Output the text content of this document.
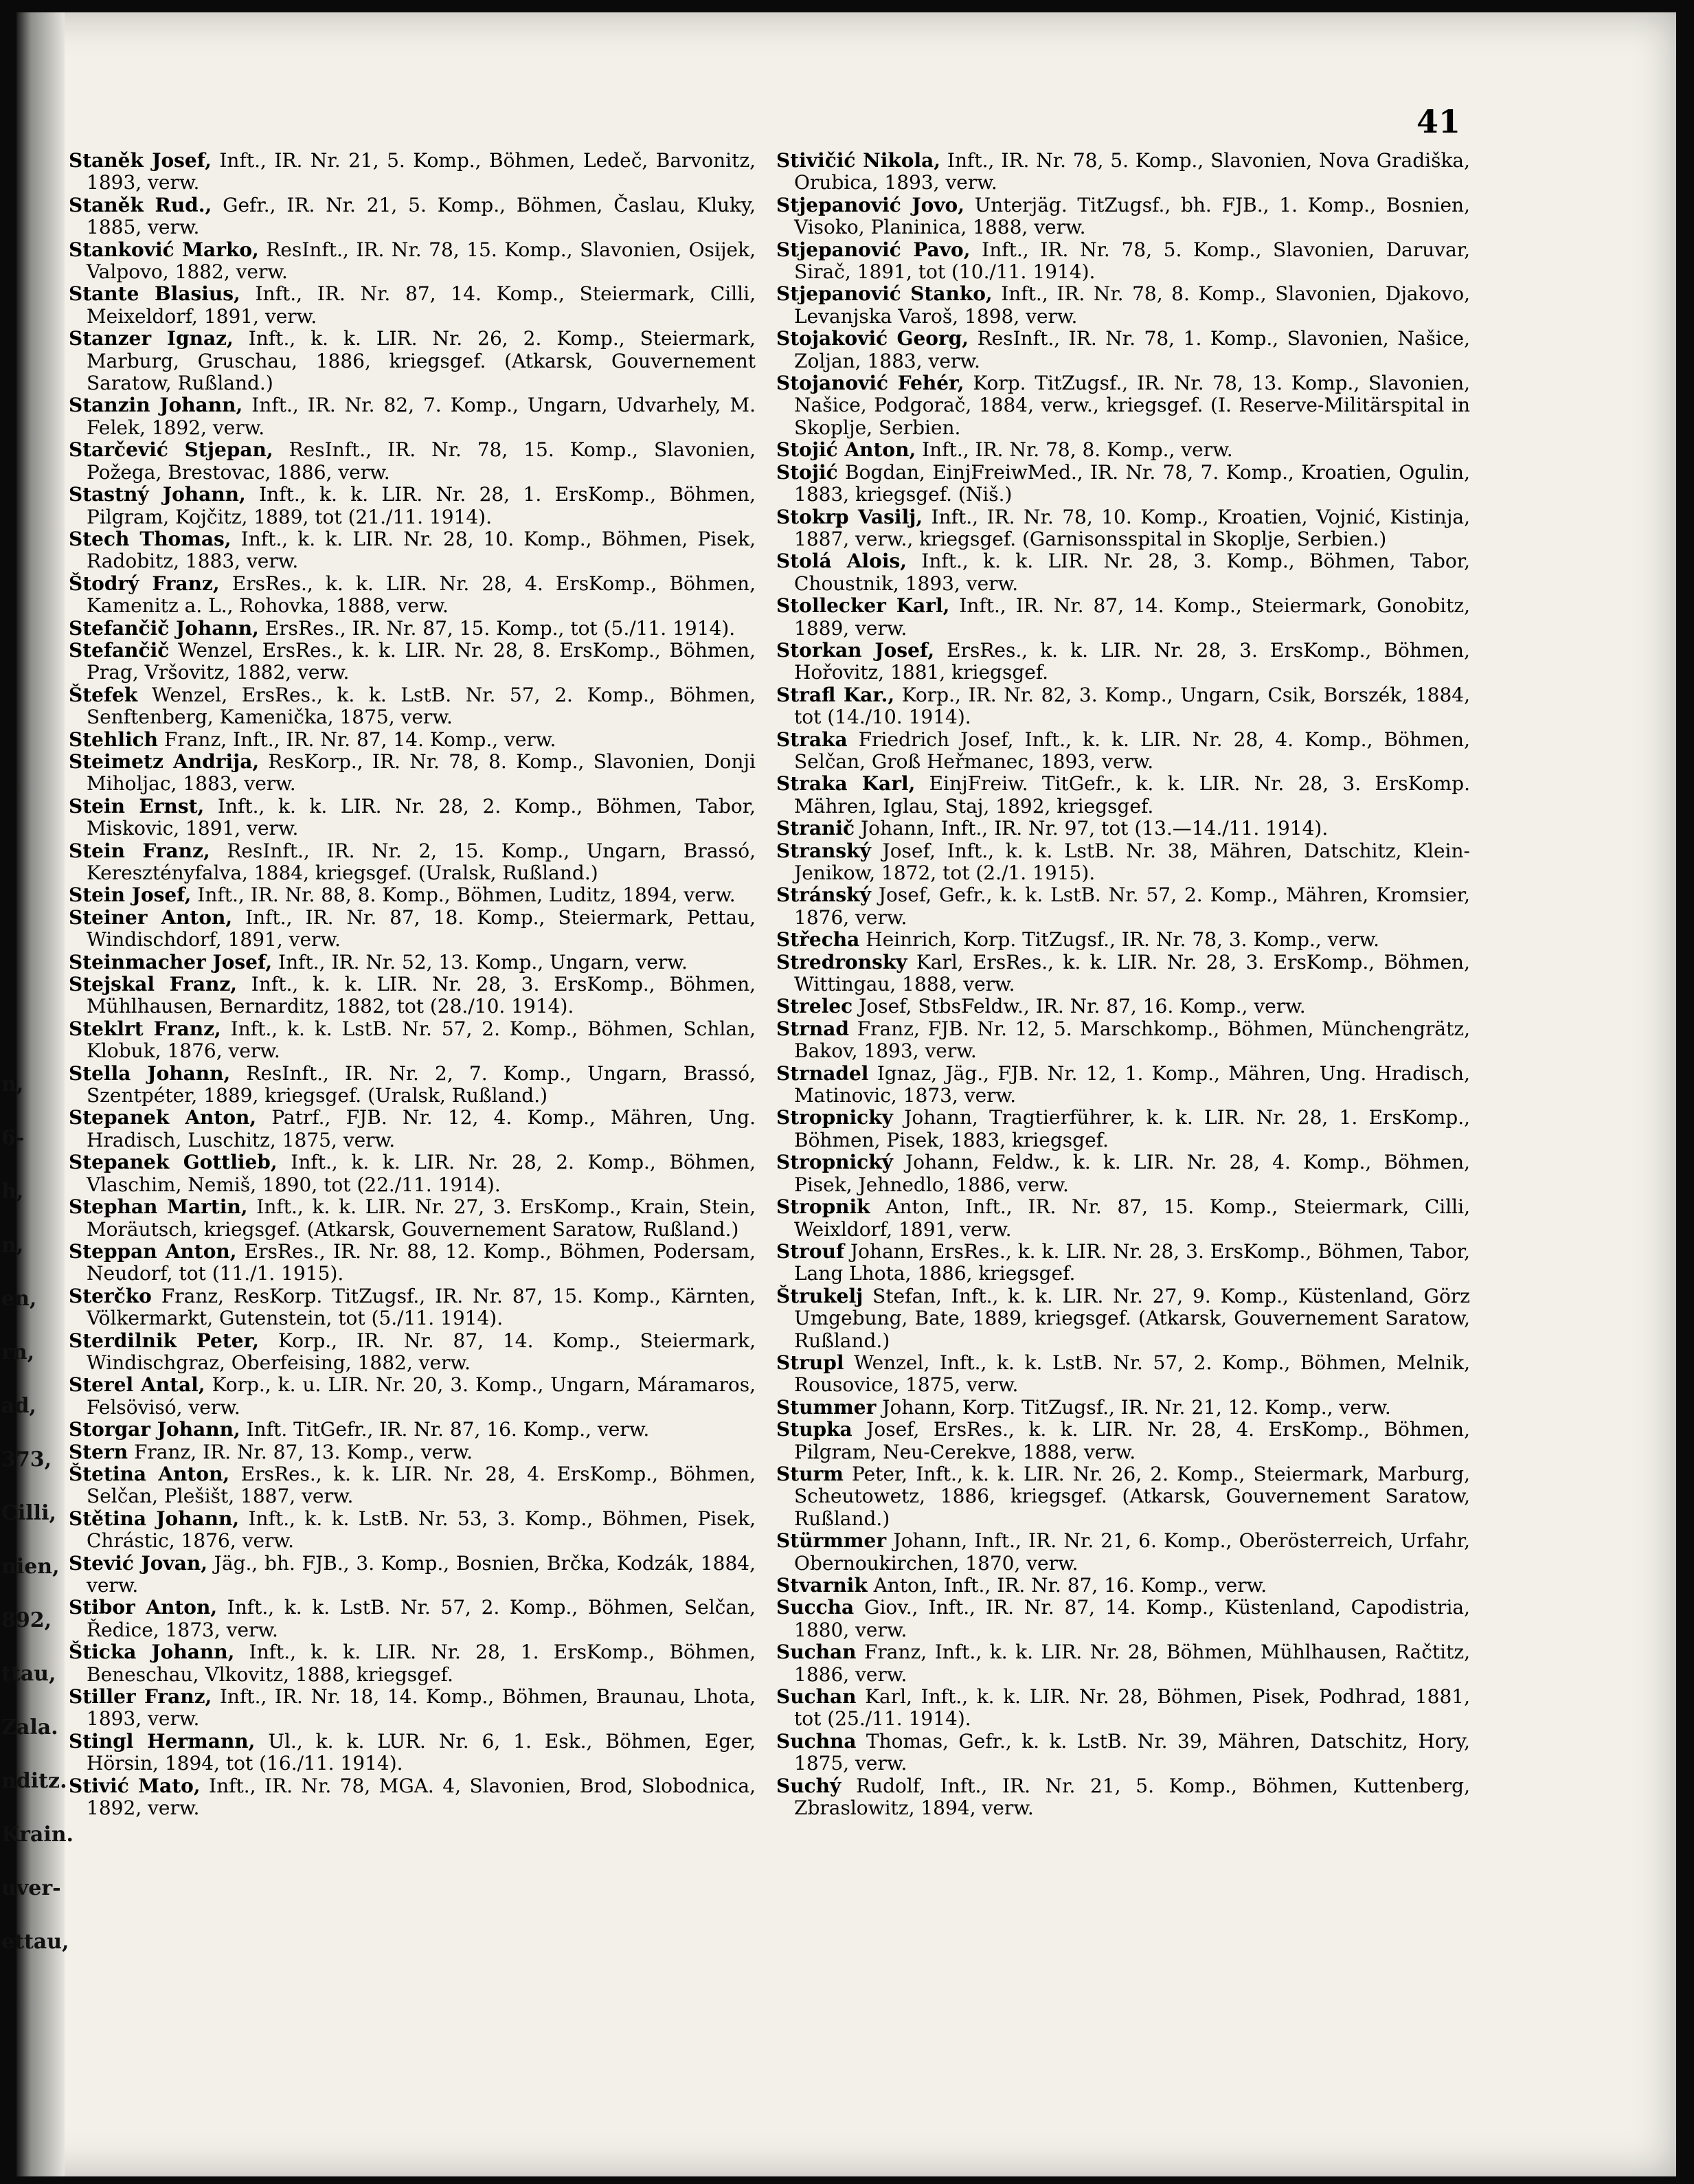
n,
6-
h,
n,
en,
rn,
ad,
373,
Cilli,
nien,
892,
ttau,
Zala.
nditz.
Krain.
uver-
ettau,
41

Staněk Josef, Inft., IR. Nr. 21, 5. Komp., Böhmen, Ledeč, Barvonitz, 1893, verw.

Staněk Rud., Gefr., IR. Nr. 21, 5. Komp., Böhmen, Časlau, Kluky, 1885, verw.

Stanković Marko, ResInft., IR. Nr. 78, 15. Komp., Slavonien, Osijek, Valpovo, 1882, verw.

Stante Blasius, Inft., IR. Nr. 87, 14. Komp., Steiermark, Cilli, Meixeldorf, 1891, verw.

Stanzer Ignaz, Inft., k. k. LIR. Nr. 26, 2. Komp., Steiermark, Marburg, Gruschau, 1886, kriegsgef. (Atkarsk, Gouvernement Saratow, Rußland.)

Stanzin Johann, Inft., IR. Nr. 82, 7. Komp., Ungarn, Udvarhely, M. Felek, 1892, verw.

Starčević Stjepan, ResInft., IR. Nr. 78, 15. Komp., Slavonien, Požega, Brestovac, 1886, verw.

Stastný Johann, Inft., k. k. LIR. Nr. 28, 1. ErsKomp., Böhmen, Pilgram, Kojčitz, 1889, tot (21./11. 1914).

Stech Thomas, Inft., k. k. LIR. Nr. 28, 10. Komp., Böhmen, Pisek, Radobitz, 1883, verw.

Štodrý Franz, ErsRes., k. k. LIR. Nr. 28, 4. ErsKomp., Böhmen, Kamenitz a. L., Rohovka, 1888, verw.

Stefančič Johann, ErsRes., IR. Nr. 87, 15. Komp., tot (5./11. 1914).

Stefančič Wenzel, ErsRes., k. k. LIR. Nr. 28, 8. ErsKomp., Böhmen, Prag, Vršovitz, 1882, verw.

Štefek Wenzel, ErsRes., k. k. LstB. Nr. 57, 2. Komp., Böhmen, Senftenberg, Kamenička, 1875, verw.

Stehlich Franz, Inft., IR. Nr. 87, 14. Komp., verw.

Steimetz Andrija, ResKorp., IR. Nr. 78, 8. Komp., Slavonien, Donji Miholjac, 1883, verw.

Stein Ernst, Inft., k. k. LIR. Nr. 28, 2. Komp., Böhmen, Tabor, Miskovic, 1891, verw.

Stein Franz, ResInft., IR. Nr. 2, 15. Komp., Ungarn, Brassó, Keresztényfalva, 1884, kriegsgef. (Uralsk, Rußland.)

Stein Josef, Inft., IR. Nr. 88, 8. Komp., Böhmen, Luditz, 1894, verw.

Steiner Anton, Inft., IR. Nr. 87, 18. Komp., Steiermark, Pettau, Windischdorf, 1891, verw.

Steinmacher Josef, Inft., IR. Nr. 52, 13. Komp., Ungarn, verw.

Stejskal Franz, Inft., k. k. LIR. Nr. 28, 3. ErsKomp., Böhmen, Mühlhausen, Bernarditz, 1882, tot (28./10. 1914).

Steklrt Franz, Inft., k. k. LstB. Nr. 57, 2. Komp., Böhmen, Schlan, Klobuk, 1876, verw.

Stella Johann, ResInft., IR. Nr. 2, 7. Komp., Ungarn, Brassó, Szentpéter, 1889, kriegsgef. (Uralsk, Rußland.)

Stepanek Anton, Patrf., FJB. Nr. 12, 4. Komp., Mähren, Ung. Hradisch, Luschitz, 1875, verw.

Stepanek Gottlieb, Inft., k. k. LIR. Nr. 28, 2. Komp., Böhmen, Vlaschim, Nemiš, 1890, tot (22./11. 1914).

Stephan Martin, Inft., k. k. LIR. Nr. 27, 3. ErsKomp., Krain, Stein, Moräutsch, kriegsgef. (Atkarsk, Gouvernement Saratow, Rußland.)

Steppan Anton, ErsRes., IR. Nr. 88, 12. Komp., Böhmen, Podersam, Neudorf, tot (11./1. 1915).

Sterčko Franz, ResKorp. TitZugsf., IR. Nr. 87, 15. Komp., Kärnten, Völkermarkt, Gutenstein, tot (5./11. 1914).

Sterdilnik Peter, Korp., IR. Nr. 87, 14. Komp., Steiermark, Windischgraz, Oberfeising, 1882, verw.

Sterel Antal, Korp., k. u. LIR. Nr. 20, 3. Komp., Ungarn, Máramaros, Felsövisó, verw.

Storgar Johann, Inft. TitGefr., IR. Nr. 87, 16. Komp., verw.

Stern Franz, IR. Nr. 87, 13. Komp., verw.

Štetina Anton, ErsRes., k. k. LIR. Nr. 28, 4. ErsKomp., Böhmen, Selčan, Plešišt, 1887, verw.

Stětina Johann, Inft., k. k. LstB. Nr. 53, 3. Komp., Böhmen, Pisek, Chrástic, 1876, verw.

Stević Jovan, Jäg., bh. FJB., 3. Komp., Bosnien, Brčka, Kodzák, 1884, verw.

Stibor Anton, Inft., k. k. LstB. Nr. 57, 2. Komp., Böhmen, Selčan, Ředice, 1873, verw.

Šticka Johann, Inft., k. k. LIR. Nr. 28, 1. ErsKomp., Böhmen, Beneschau, Vlkovitz, 1888, kriegsgef.

Stiller Franz, Inft., IR. Nr. 18, 14. Komp., Böhmen, Braunau, Lhota, 1893, verw.

Stingl Hermann, Ul., k. k. LUR. Nr. 6, 1. Esk., Böhmen, Eger, Hörsin, 1894, tot (16./11. 1914).

Stivić Mato, Inft., IR. Nr. 78, MGA. 4, Slavonien, Brod, Slobodnica, 1892, verw.

Stivičić Nikola, Inft., IR. Nr. 78, 5. Komp., Slavonien, Nova Gradiška, Orubica, 1893, verw.

Stjepanović Jovo, Unterjäg. TitZugsf., bh. FJB., 1. Komp., Bosnien, Visoko, Planinica, 1888, verw.

Stjepanović Pavo, Inft., IR. Nr. 78, 5. Komp., Slavonien, Daruvar, Sirač, 1891, tot (10./11. 1914).

Stjepanović Stanko, Inft., IR. Nr. 78, 8. Komp., Slavonien, Djakovo, Levanjska Varoš, 1898, verw.

Stojaković Georg, ResInft., IR. Nr. 78, 1. Komp., Slavonien, Našice, Zoljan, 1883, verw.

Stojanović Fehér, Korp. TitZugsf., IR. Nr. 78, 13. Komp., Slavonien, Našice, Podgorač, 1884, verw., kriegsgef. (I. Reserve-Militärspital in Skoplje, Serbien.

Stojić Anton, Inft., IR. Nr. 78, 8. Komp., verw.

Stojić Bogdan, EinjFreiwMed., IR. Nr. 78, 7. Komp., Kroatien, Ogulin, 1883, kriegsgef. (Niš.)

Stokrp Vasilj, Inft., IR. Nr. 78, 10. Komp., Kroatien, Vojnić, Kistinja, 1887, verw., kriegsgef. (Garnisonsspital in Skoplje, Serbien.)

Stolá Alois, Inft., k. k. LIR. Nr. 28, 3. Komp., Böhmen, Tabor, Choustnik, 1893, verw.

Stollecker Karl, Inft., IR. Nr. 87, 14. Komp., Steiermark, Gonobitz, 1889, verw.

Storkan Josef, ErsRes., k. k. LIR. Nr. 28, 3. ErsKomp., Böhmen, Hořovitz, 1881, kriegsgef.

Strafl Kar., Korp., IR. Nr. 82, 3. Komp., Ungarn, Csik, Borszék, 1884, tot (14./10. 1914).

Straka Friedrich Josef, Inft., k. k. LIR. Nr. 28, 4. Komp., Böhmen, Selčan, Groß Heřmanec, 1893, verw.

Straka Karl, EinjFreiw. TitGefr., k. k. LIR. Nr. 28, 3. ErsKomp. Mähren, Iglau, Staj, 1892, kriegsgef.

Stranič Johann, Inft., IR. Nr. 97, tot (13.—14./11. 1914).

Stranský Josef, Inft., k. k. LstB. Nr. 38, Mähren, Datschitz, Klein-Jenikow, 1872, tot (2./1. 1915).

Stránský Josef, Gefr., k. k. LstB. Nr. 57, 2. Komp., Mähren, Kromsier, 1876, verw.

Střecha Heinrich, Korp. TitZugsf., IR. Nr. 78, 3. Komp., verw.

Stredronsky Karl, ErsRes., k. k. LIR. Nr. 28, 3. ErsKomp., Böhmen, Wittingau, 1888, verw.

Strelec Josef, StbsFeldw., IR. Nr. 87, 16. Komp., verw.

Strnad Franz, FJB. Nr. 12, 5. Marschkomp., Böhmen, Münchengrätz, Bakov, 1893, verw.

Strnadel Ignaz, Jäg., FJB. Nr. 12, 1. Komp., Mähren, Ung. Hradisch, Matinovic, 1873, verw.

Stropnicky Johann, Tragtierführer, k. k. LIR. Nr. 28, 1. ErsKomp., Böhmen, Pisek, 1883, kriegsgef.

Stropnický Johann, Feldw., k. k. LIR. Nr. 28, 4. Komp., Böhmen, Pisek, Jehnedlo, 1886, verw.

Stropnik Anton, Inft., IR. Nr. 87, 15. Komp., Steiermark, Cilli, Weixldorf, 1891, verw.

Strouf Johann, ErsRes., k. k. LIR. Nr. 28, 3. ErsKomp., Böhmen, Tabor, Lang Lhota, 1886, kriegsgef.

Štrukelj Stefan, Inft., k. k. LIR. Nr. 27, 9. Komp., Küstenland, Görz Umgebung, Bate, 1889, kriegsgef. (Atkarsk, Gouvernement Saratow, Rußland.)

Strupl Wenzel, Inft., k. k. LstB. Nr. 57, 2. Komp., Böhmen, Melnik, Rousovice, 1875, verw.

Stummer Johann, Korp. TitZugsf., IR. Nr. 21, 12. Komp., verw.

Stupka Josef, ErsRes., k. k. LIR. Nr. 28, 4. ErsKomp., Böhmen, Pilgram, Neu-Cerekve, 1888, verw.

Sturm Peter, Inft., k. k. LIR. Nr. 26, 2. Komp., Steiermark, Marburg, Scheutowetz, 1886, kriegsgef. (Atkarsk, Gouvernement Saratow, Rußland.)

Stürmmer Johann, Inft., IR. Nr. 21, 6. Komp., Oberösterreich, Urfahr, Obernoukirchen, 1870, verw.

Stvarnik Anton, Inft., IR. Nr. 87, 16. Komp., verw.

Succha Giov., Inft., IR. Nr. 87, 14. Komp., Küstenland, Capodistria, 1880, verw.

Suchan Franz, Inft., k. k. LIR. Nr. 28, Böhmen, Mühlhausen, Račtitz, 1886, verw.

Suchan Karl, Inft., k. k. LIR. Nr. 28, Böhmen, Pisek, Podhrad, 1881, tot (25./11. 1914).

Suchna Thomas, Gefr., k. k. LstB. Nr. 39, Mähren, Datschitz, Hory, 1875, verw.

Suchý Rudolf, Inft., IR. Nr. 21, 5. Komp., Böhmen, Kuttenberg, Zbraslowitz, 1894, verw.
